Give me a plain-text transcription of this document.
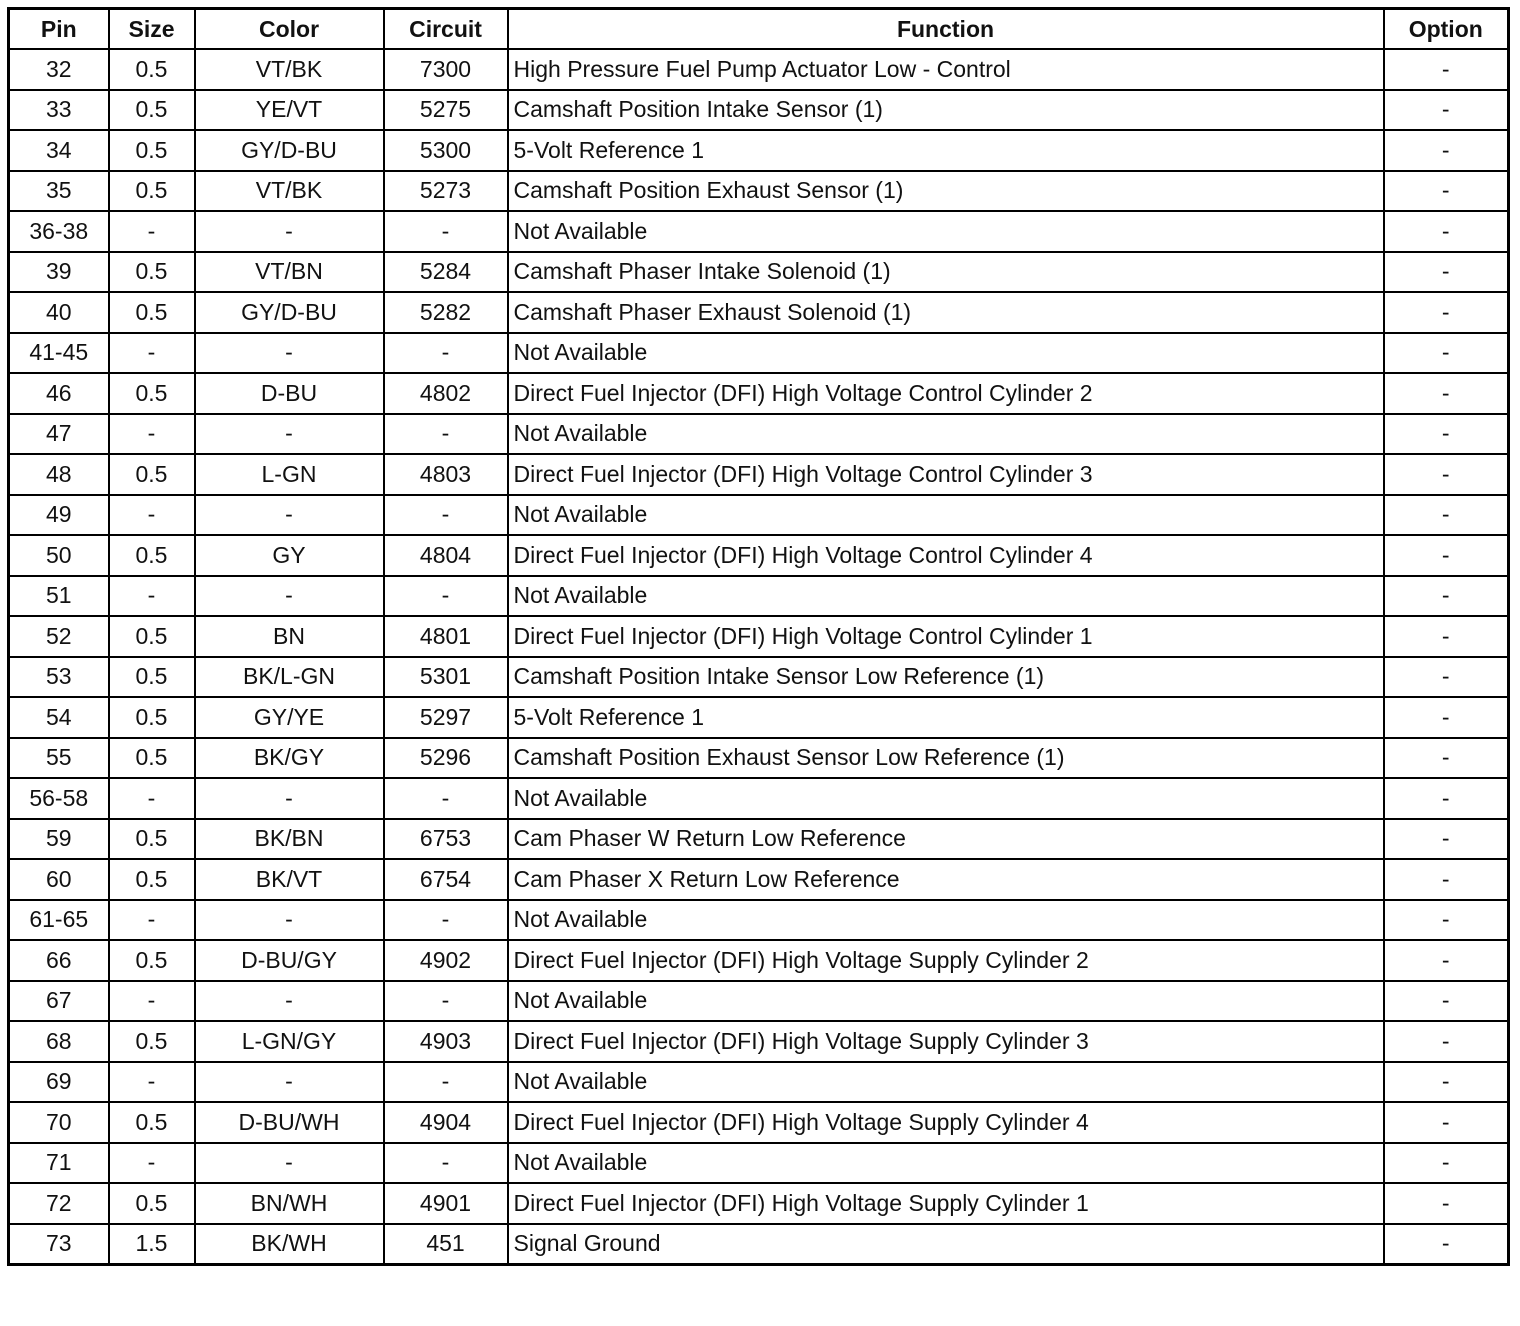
Pin	Size	Color	Circuit	Function	Option
32	0.5	VT/BK	7300	High Pressure Fuel Pump Actuator Low - Control	-
33	0.5	YE/VT	5275	Camshaft Position Intake Sensor (1)	-
34	0.5	GY/D-BU	5300	5-Volt Reference 1	-
35	0.5	VT/BK	5273	Camshaft Position Exhaust Sensor (1)	-
36-38	-	-	-	Not Available	-
39	0.5	VT/BN	5284	Camshaft Phaser Intake Solenoid (1)	-
40	0.5	GY/D-BU	5282	Camshaft Phaser Exhaust Solenoid (1)	-
41-45	-	-	-	Not Available	-
46	0.5	D-BU	4802	Direct Fuel Injector (DFI) High Voltage Control Cylinder 2	-
47	-	-	-	Not Available	-
48	0.5	L-GN	4803	Direct Fuel Injector (DFI) High Voltage Control Cylinder 3	-
49	-	-	-	Not Available	-
50	0.5	GY	4804	Direct Fuel Injector (DFI) High Voltage Control Cylinder 4	-
51	-	-	-	Not Available	-
52	0.5	BN	4801	Direct Fuel Injector (DFI) High Voltage Control Cylinder 1	-
53	0.5	BK/L-GN	5301	Camshaft Position Intake Sensor Low Reference (1)	-
54	0.5	GY/YE	5297	5-Volt Reference 1	-
55	0.5	BK/GY	5296	Camshaft Position Exhaust Sensor Low Reference (1)	-
56-58	-	-	-	Not Available	-
59	0.5	BK/BN	6753	Cam Phaser W Return Low Reference	-
60	0.5	BK/VT	6754	Cam Phaser X Return Low Reference	-
61-65	-	-	-	Not Available	-
66	0.5	D-BU/GY	4902	Direct Fuel Injector (DFI) High Voltage Supply Cylinder 2	-
67	-	-	-	Not Available	-
68	0.5	L-GN/GY	4903	Direct Fuel Injector (DFI) High Voltage Supply Cylinder 3	-
69	-	-	-	Not Available	-
70	0.5	D-BU/WH	4904	Direct Fuel Injector (DFI) High Voltage Supply Cylinder 4	-
71	-	-	-	Not Available	-
72	0.5	BN/WH	4901	Direct Fuel Injector (DFI) High Voltage Supply Cylinder 1	-
73	1.5	BK/WH	451	Signal Ground	-
